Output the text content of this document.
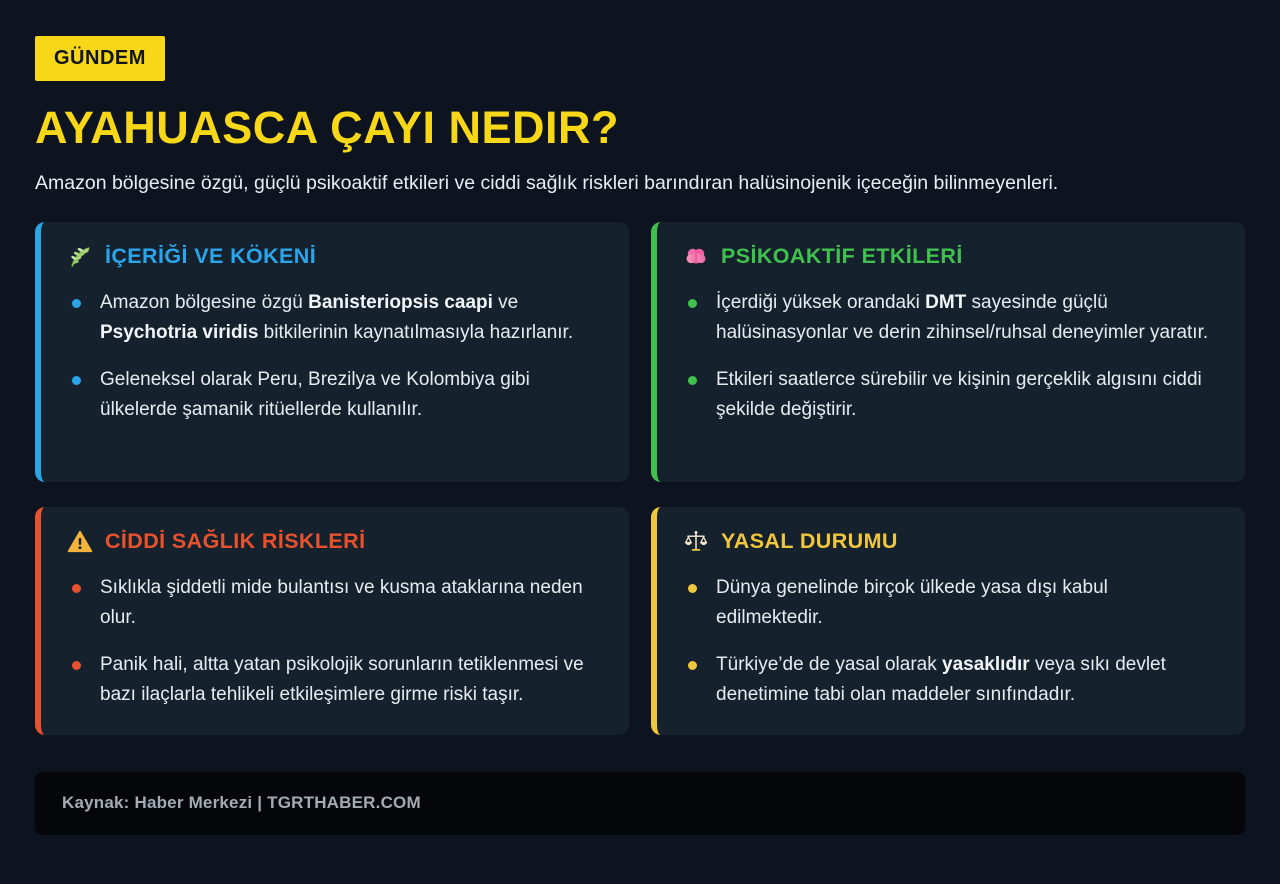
GÜNDEM
AYAHUASCA ÇAYI NEDIR?

Amazon bölgesine özgü, güçlü psikoaktif etkileri ve ciddi sağlık riskleri barındıran halüsinojenik içeceğin bilinmeyenleri.

İÇERİĞİ VE KÖKENİ
Amazon bölgesine özgü Banisteriopsis caapi ve Psychotria viridis bitkilerinin kaynatılmasıyla hazırlanır.
Geleneksel olarak Peru, Brezilya ve Kolombiya gibi ülkelerde şamanik ritüellerde kullanılır.
PSİKOAKTİF ETKİLERİ
İçerdiği yüksek orandaki DMT sayesinde güçlü halüsinasyonlar ve derin zihinsel/ruhsal deneyimler yaratır.
Etkileri saatlerce sürebilir ve kişinin gerçeklik algısını ciddi şekilde değiştirir.
CİDDİ SAĞLIK RİSKLERİ
Sıklıkla şiddetli mide bulantısı ve kusma ataklarına neden olur.
Panik hali, altta yatan psikolojik sorunların tetiklenmesi ve bazı ilaçlarla tehlikeli etkileşimlere girme riski taşır.
YASAL DURUMU
Dünya genelinde birçok ülkede yasa dışı kabul edilmektedir.
Türkiye’de de yasal olarak yasaklıdır veya sıkı devlet denetimine tabi olan maddeler sınıfındadır.
Kaynak: Haber Merkezi | TGRTHABER.COM
